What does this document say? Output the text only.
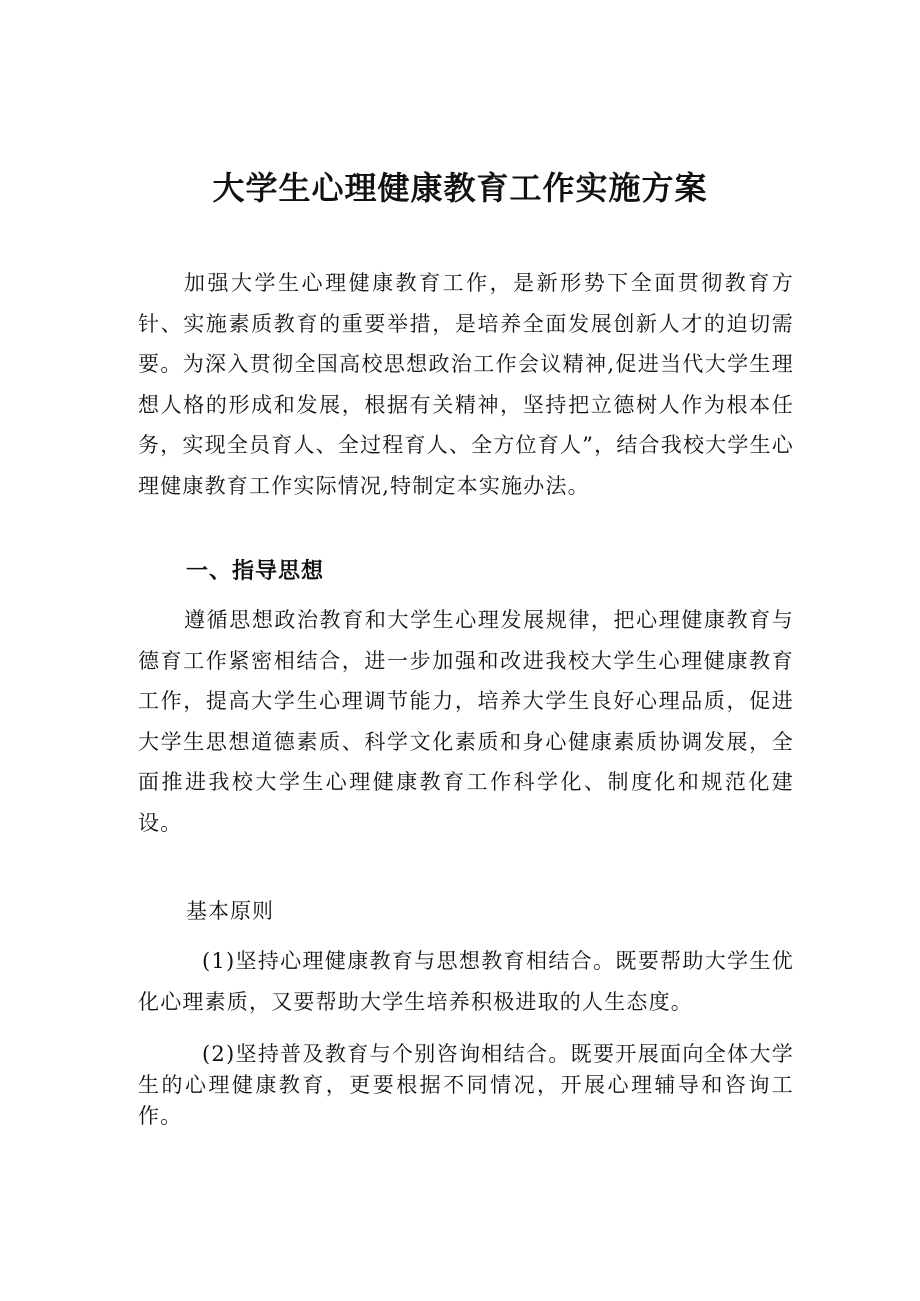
大学生心理健康教育工作实施方案

加强大学生心理健康教育工作，是新形势下全面贯彻教育方针、实施素质教育的重要举措，是培养全面发展创新人才的迫切需要。为深入贯彻全国高校思想政治工作会议精神,促进当代大学生理想人格的形成和发展，根据有关精神，坚持把立德树人作为根本任务，实现全员育人、全过程育人、全方位育人”，结合我校大学生心理健康教育工作实际情况,特制定本实施办法。

一、指导思想

遵循思想政治教育和大学生心理发展规律，把心理健康教育与德育工作紧密相结合，进一步加强和改进我校大学生心理健康教育工作，提高大学生心理调节能力，培养大学生良好心理品质，促进大学生思想道德素质、科学文化素质和身心健康素质协调发展，全面推进我校大学生心理健康教育工作科学化、制度化和规范化建设。

基本原则

(1)坚持心理健康教育与思想教育相结合。既要帮助大学生优化心理素质，又要帮助大学生培养积极进取的人生态度。

(2)坚持普及教育与个别咨询相结合。既要开展面向全体大学生的心理健康教育，更要根据不同情况，开展心理辅导和咨询工作。
